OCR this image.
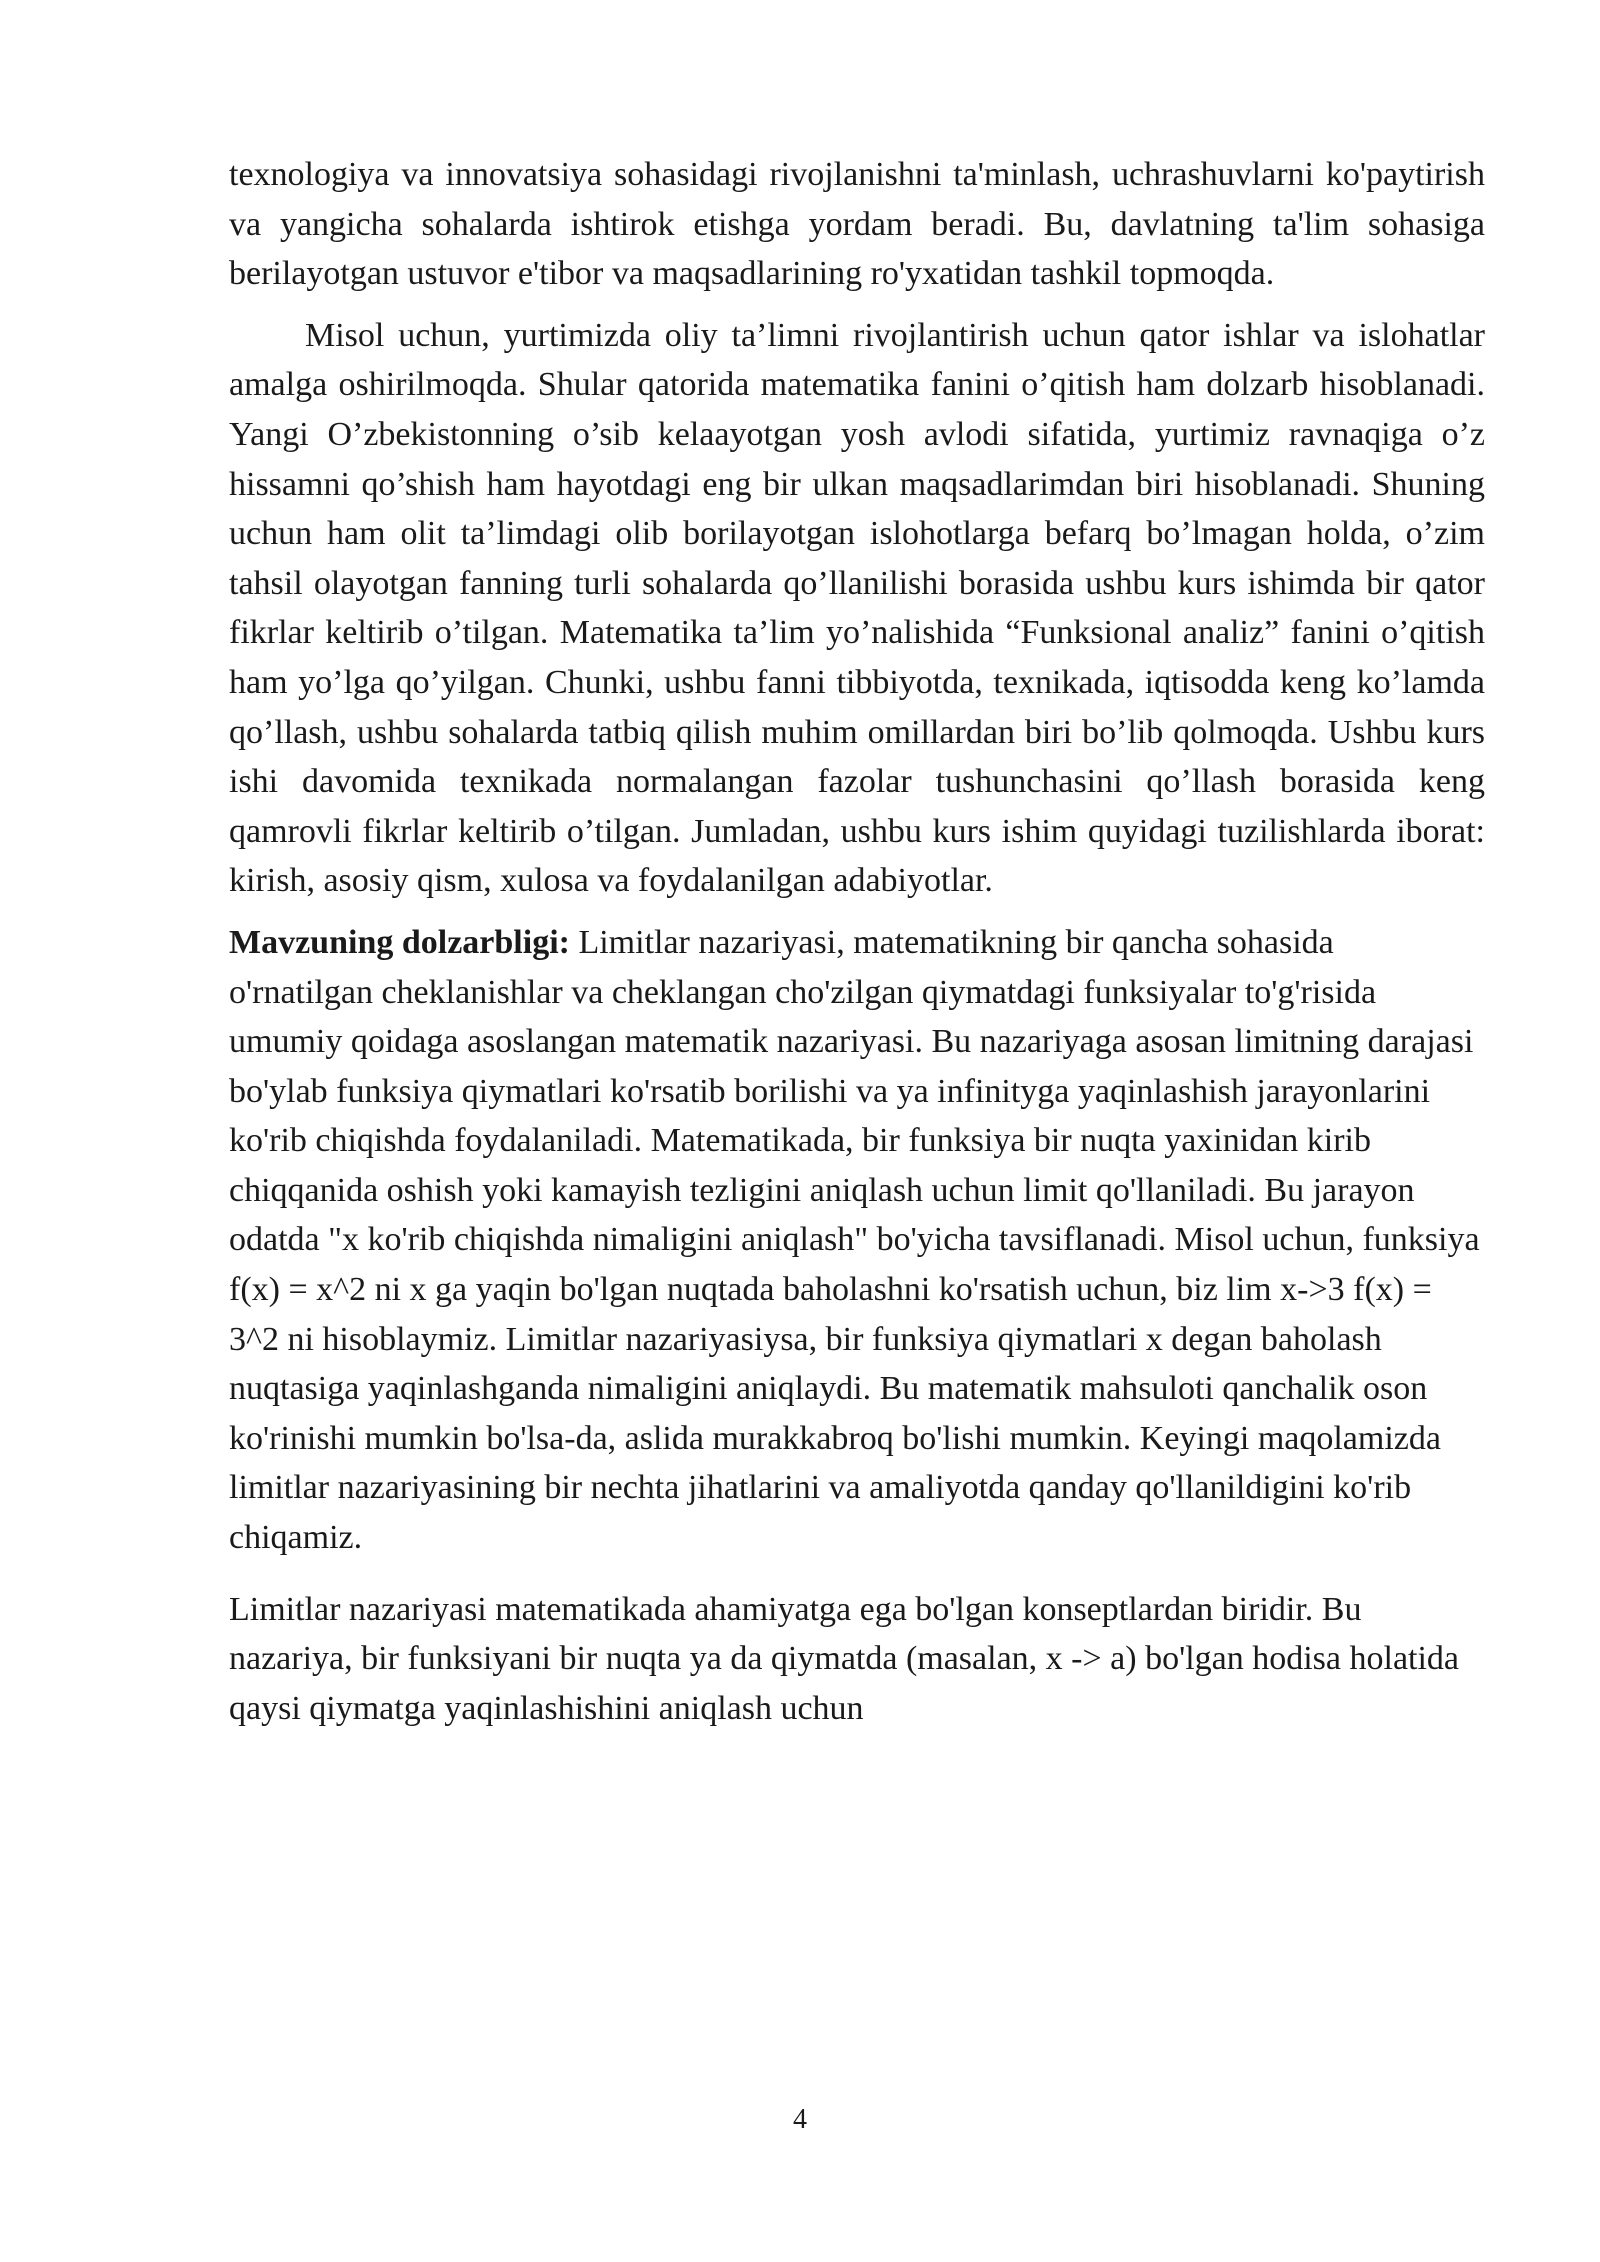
texnologiya va innovatsiya sohasidagi rivojlanishni ta'minlash, uchrashuvlarni ko'paytirish va yangicha sohalarda ishtirok etishga yordam beradi. Bu, davlatning ta'lim sohasiga berilayotgan ustuvor e'tibor va maqsadlarining ro'yxatidan tashkil topmoqda.

Misol uchun, yurtimizda oliy ta’limni rivojlantirish uchun qator ishlar va islohatlar amalga oshirilmoqda. Shular qatorida matematika fanini o’qitish ham dolzarb hisoblanadi. Yangi O’zbekistonning o’sib kelaayotgan yosh avlodi sifatida, yurtimiz ravnaqiga o’z hissamni qo’shish ham hayotdagi eng bir ulkan maqsadlarimdan biri hisoblanadi. Shuning uchun ham olit ta’limdagi olib borilayotgan islohotlarga befarq bo’lmagan holda, o’zim tahsil olayotgan fanning turli sohalarda qo’llanilishi borasida ushbu kurs ishimda bir qator fikrlar keltirib o’tilgan. Matematika ta’lim yo’nalishida “Funksional analiz” fanini o’qitish ham yo’lga qo’yilgan. Chunki, ushbu fanni tibbiyotda, texnikada, iqtisodda keng ko’lamda qo’llash, ushbu sohalarda tatbiq qilish muhim omillardan biri bo’lib qolmoqda. Ushbu kurs ishi davomida texnikada normalangan fazolar tushunchasini qo’llash borasida keng qamrovli fikrlar keltirib o’tilgan. Jumladan, ushbu kurs ishim quyidagi tuzilishlarda iborat: kirish, asosiy qism, xulosa va foydalanilgan adabiyotlar.

Mavzuning dolzarbligi: Limitlar nazariyasi, matematikning bir qancha sohasida o'rnatilgan cheklanishlar va cheklangan cho'zilgan qiymatdagi funksiyalar to'g'risida umumiy qoidaga asoslangan matematik nazariyasi. Bu nazariyaga asosan limitning darajasi bo'ylab funksiya qiymatlari ko'rsatib borilishi va ya infinityga yaqinlashish jarayonlarini ko'rib chiqishda foydalaniladi. Matematikada, bir funksiya bir nuqta yaxinidan kirib chiqqanida oshish yoki kamayish tezligini aniqlash uchun limit qo'llaniladi. Bu jarayon odatda "x ko'rib chiqishda nimaligini aniqlash" bo'yicha tavsiflanadi. Misol uchun, funksiya f(x) = x^2 ni x ga yaqin bo'lgan nuqtada baholashni ko'rsatish uchun, biz lim x->3 f(x) = 3^2 ni hisoblaymiz. Limitlar nazariyasiysa, bir funksiya qiymatlari x degan baholash nuqtasiga yaqinlashganda nimaligini aniqlaydi. Bu matematik mahsuloti qanchalik oson ko'rinishi mumkin bo'lsa-da, aslida murakkabroq bo'lishi mumkin. Keyingi maqolamizda limitlar nazariyasining bir nechta jihatlarini va amaliyotda qanday qo'llanildigini ko'rib chiqamiz.

Limitlar nazariyasi matematikada ahamiyatga ega bo'lgan konseptlardan biridir. Bu nazariya, bir funksiyani bir nuqta ya da qiymatda (masalan, x -> a) bo'lgan hodisa holatida qaysi qiymatga yaqinlashishini aniqlash uchun

4
